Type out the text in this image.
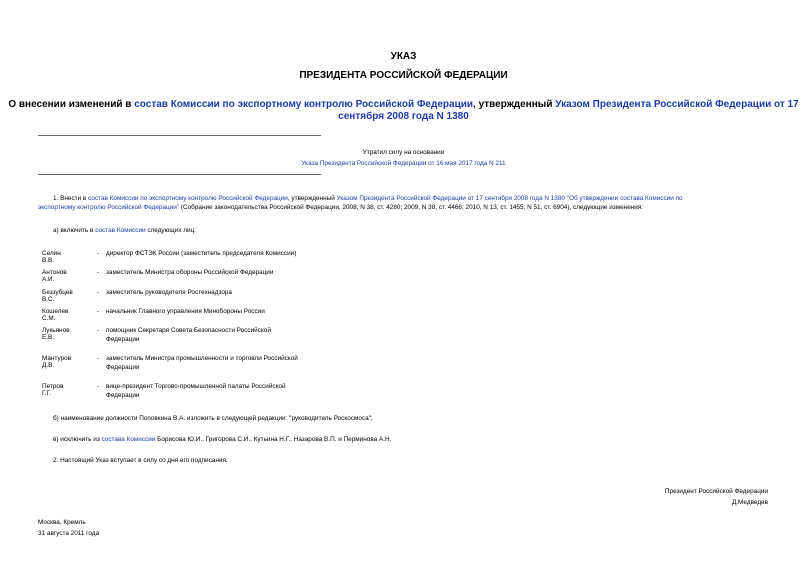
УКАЗ
ПРЕЗИДЕНТА РОССИЙСКОЙ ФЕДЕРАЦИИ
О внесении изменений в состав Комиссии по экспортному контролю Российской Федерации, утвержденный Указом Президента Российской Федерации от 17
сентября 2008 года N 1380
Утратил силу на основании
Указа Президента Российской Федерации от 16 мая 2017 года N 211
1. Внести в состав Комиссии по экспортному контролю Российской Федерации, утвержденный Указом Президента Российской Федерации от 17 сентября 2008 года N 1380 "Об утверждении состава Комиссии по
экспортному контролю Российской Федерации" (Собрание законодательства Российской Федерации, 2008, N 38, ст. 4280; 2009, N 38, ст. 4466; 2010, N 13, ст. 1455; N 51, ст. 6904), следующие изменения:
а) включить в состав Комиссии следующих лиц:
Селин В.В.
- директор ФСТЭК России (заместитель председателя Комиссии)
Антонов А.И.
- заместитель Министра обороны Российской Федерации
Беззубцев В.С.
- заместитель руководителя Ростехнадзора
Кошелев С.М.
- начальник Главного управления Минобороны России
Лукьянов Е.В.
- помощник Секретаря Совета Безопасности Российской Федерации
Мантуров Д.В.
- заместитель Министра промышленности и торговли Российской Федерации
Петров Г.Г.
- вице-президент Торгово-промышленной палаты Российской Федерации
б) наименование должности Поповкина В.А. изложить в следующей редакции: "руководитель Роскосмоса";
в) исключить из состава Комиссии Борисова Ю.И., Григорова С.И., Кутьина Н.Г., Назарова В.П. и Перминова А.Н.
2. Настоящий Указ вступает в силу со дня его подписания.
Президент Российской Федерации
Д.Медведев
Москва, Кремль
31 августа 2011 года
